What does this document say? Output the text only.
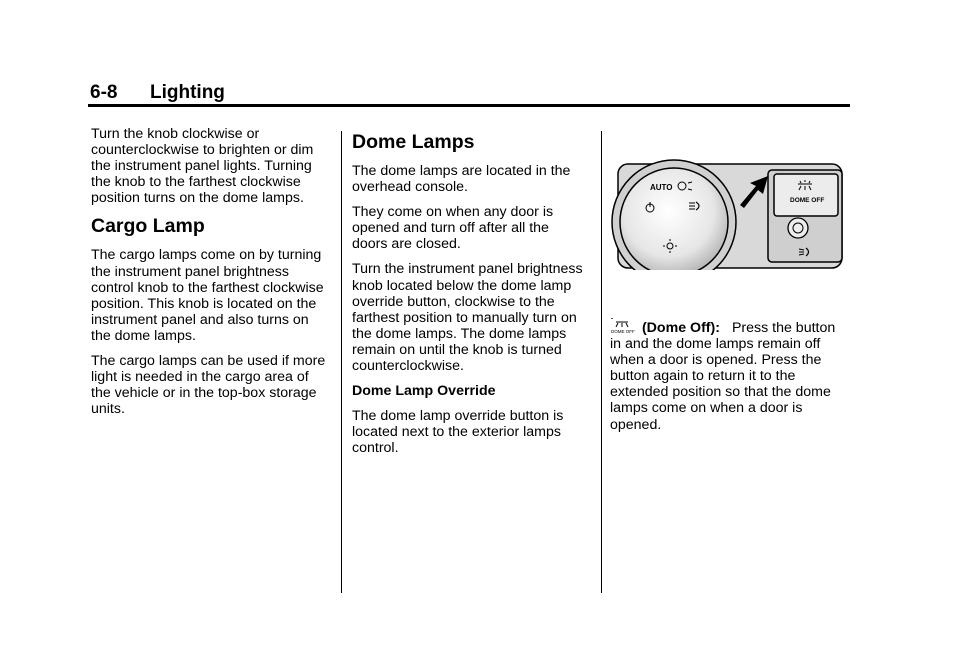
6-8 Lighting

Turn the knob clockwise or counterclockwise to brighten or dim the instrument panel lights. Turning the knob to the farthest clockwise position turns on the dome lamps.

Cargo Lamp

The cargo lamps come on by turning the instrument panel brightness control knob to the farthest clockwise position. This knob is located on the instrument panel and also turns on the dome lamps.

The cargo lamps can be used if more light is needed in the cargo area of the vehicle or in the top-box storage units.

Dome Lamps

The dome lamps are located in the overhead console.

They come on when any door is opened and turn off after all the doors are closed.

Turn the instrument panel brightness knob located below the dome lamp override button, clockwise to the farthest position to manually turn on the dome lamps. The dome lamps remain on until the knob is turned counterclockwise.

Dome Lamp Override

The dome lamp override button is located next to the exterior lamps control.

AUTO
DOME OFF

DOME OFF (Dome Off): Press the button in and the dome lamps remain off when a door is opened. Press the button again to return it to the extended position so that the dome lamps come on when a door is opened.
